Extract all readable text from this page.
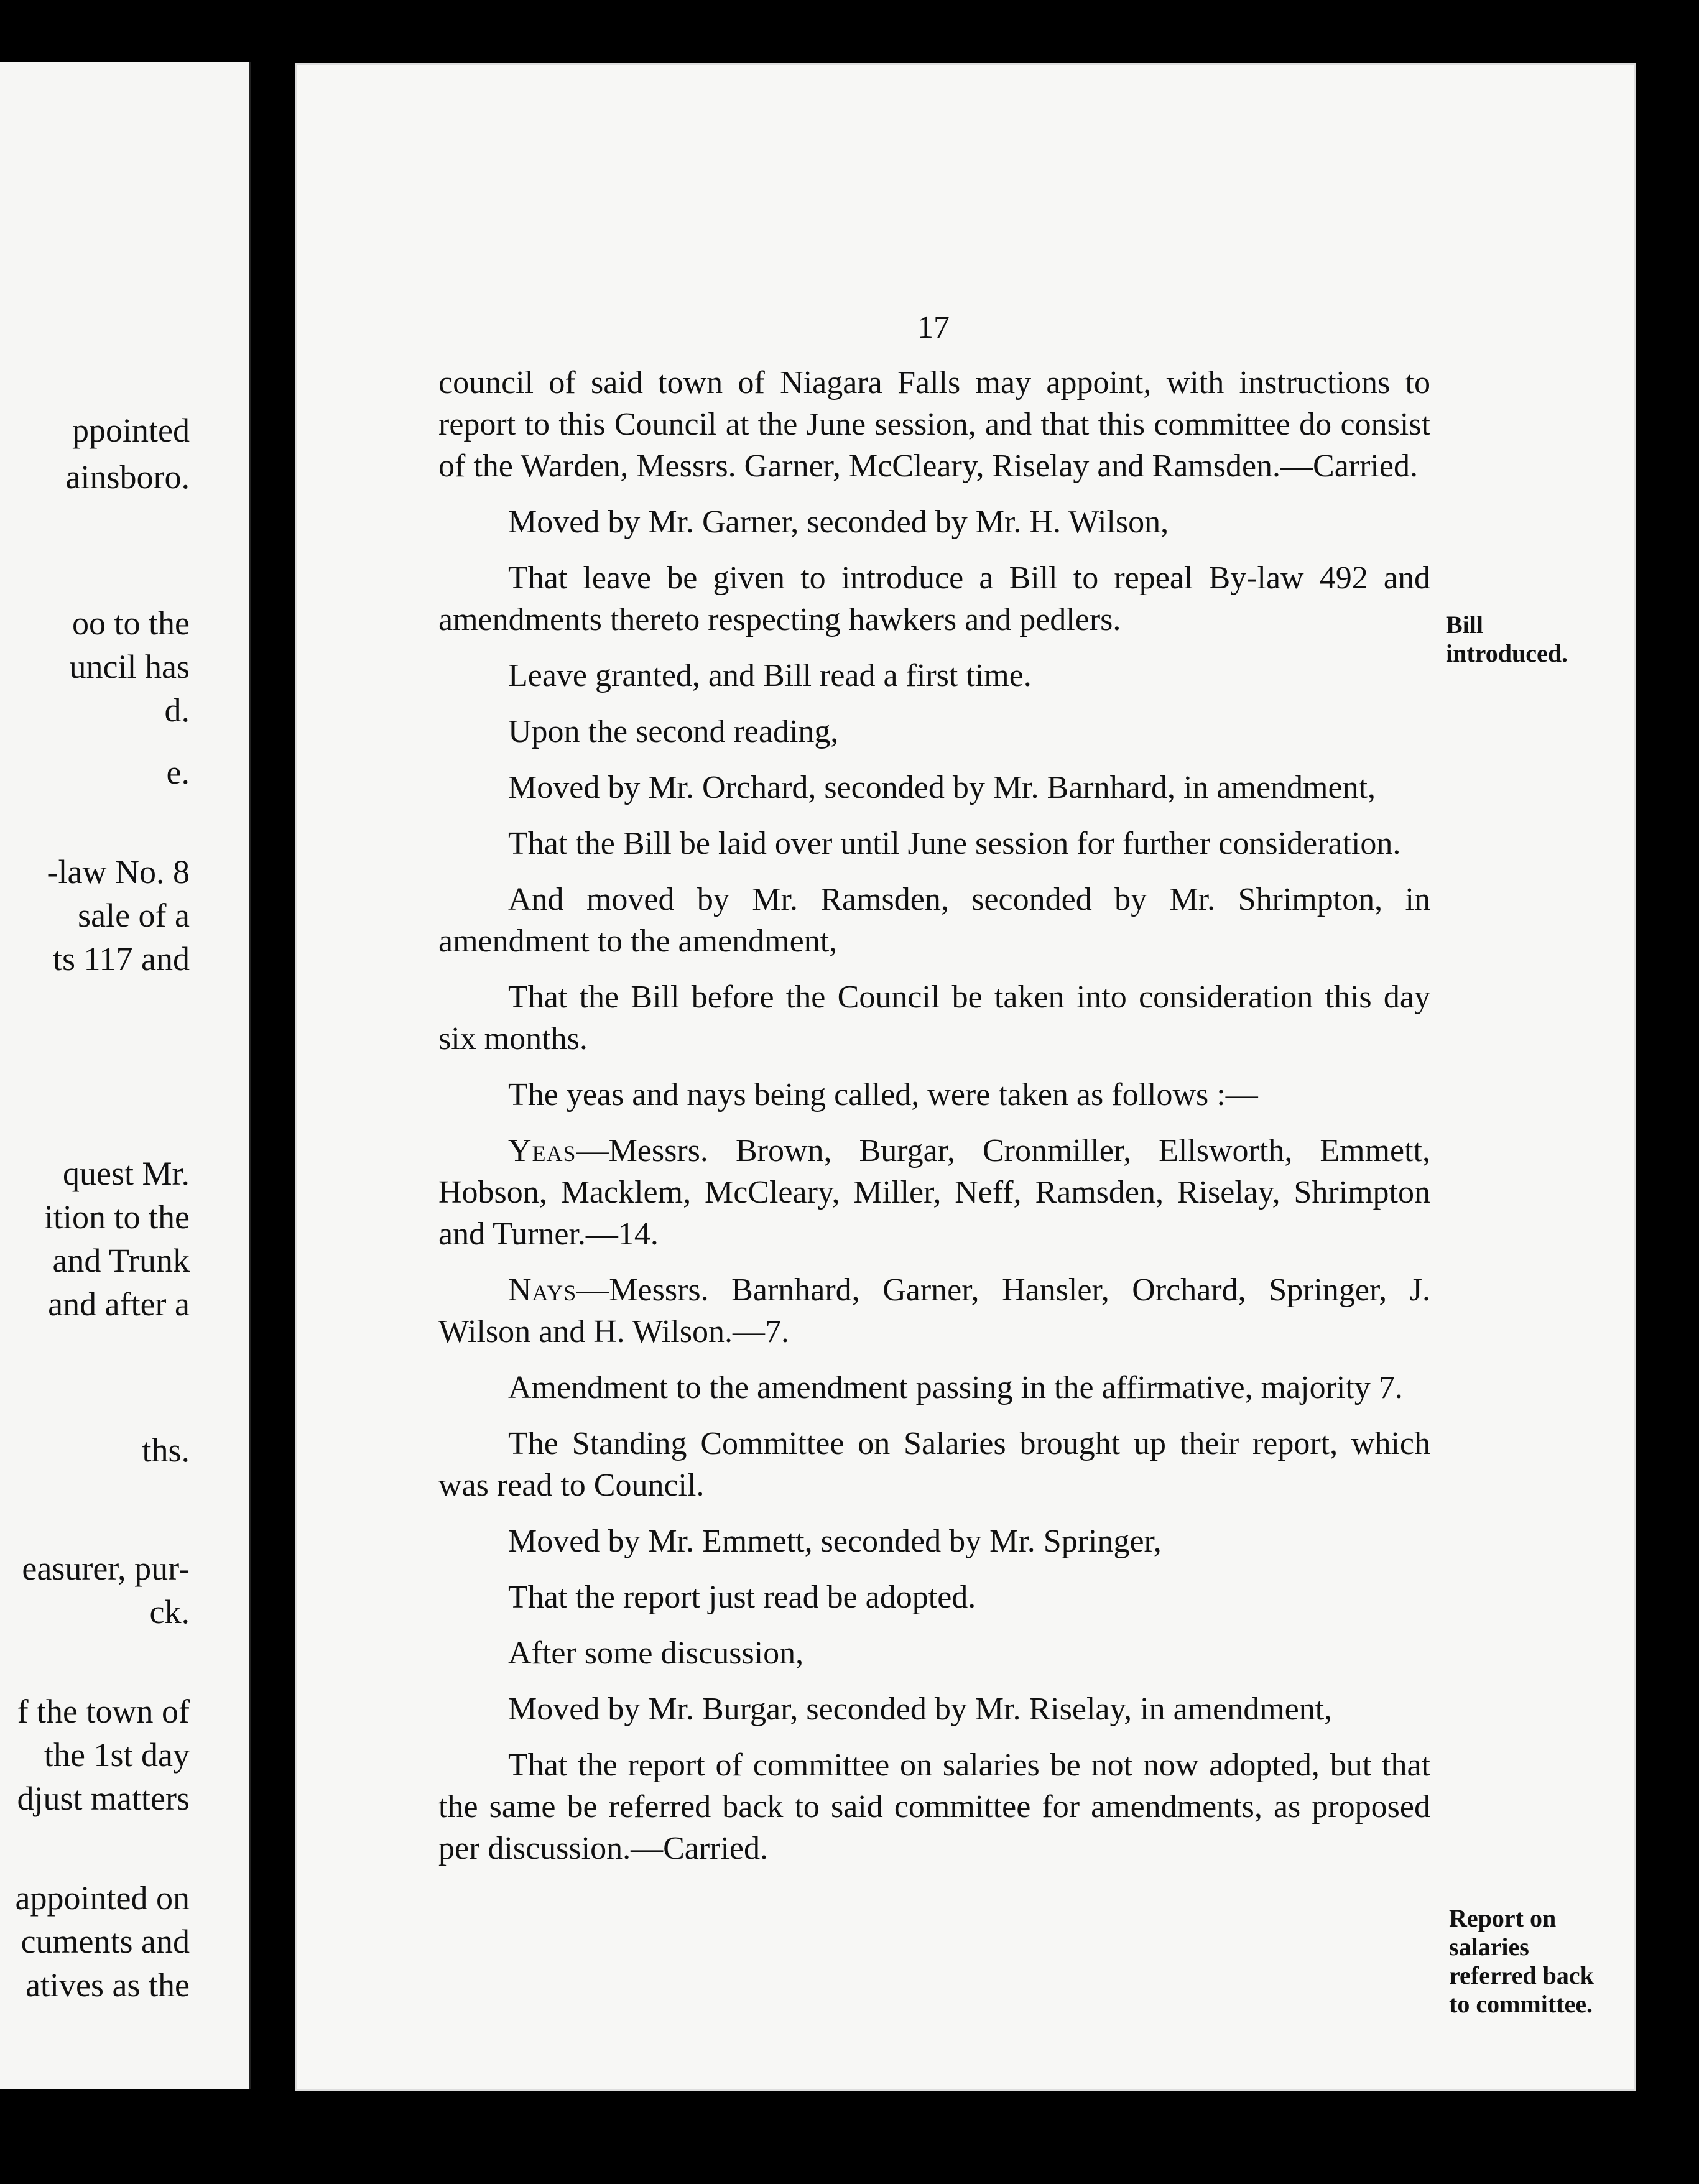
ppointed
ainsboro.
oo to the
uncil has
d.
e.
-law No. 8
sale of a
ts 117 and
quest Mr.
ition to the
and Trunk
and after a
ths.
easurer, pur-
ck.
f the town of
the 1st day
djust matters
appointed on
cuments and
atives as the
17

council of said town of Niagara Falls may appoint, with instructions to report to this Council at the June session, and that this committee do consist of the Warden, Messrs. Garner, McCleary, Riselay and Ramsden.—Carried.

Moved by Mr. Garner, seconded by Mr. H. Wilson,

That leave be given to introduce a Bill to repeal By-law 492 and amendments thereto respecting hawkers and pedlers.

Leave granted, and Bill read a first time.

Upon the second reading,

Moved by Mr. Orchard, seconded by Mr. Barnhard, in amendment,

That the Bill be laid over until June session for further consideration.

And moved by Mr. Ramsden, seconded by Mr. Shrimpton, in amendment to the amendment,

That the Bill before the Council be taken into consideration this day six months.

The yeas and nays being called, were taken as follows :—

Yeas—Messrs. Brown, Burgar, Cronmiller, Ellsworth, Emmett, Hobson, Macklem, McCleary, Miller, Neff, Ramsden, Riselay, Shrimpton and Turner.—14.

Nays—Messrs. Barnhard, Garner, Hansler, Orchard, Springer, J. Wilson and H. Wilson.—7.

Amendment to the amendment passing in the affirmative, majority 7.

The Standing Committee on Salaries brought up their report, which was read to Council.

Moved by Mr. Emmett, seconded by Mr. Springer,

That the report just read be adopted.

After some discussion,

Moved by Mr. Burgar, seconded by Mr. Riselay, in amendment,

That the report of committee on salaries be not now adopted, but that the same be referred back to said committee for amendments, as proposed per discussion.—Carried.

Bill introduced.
Report on salaries referred back to committee.
